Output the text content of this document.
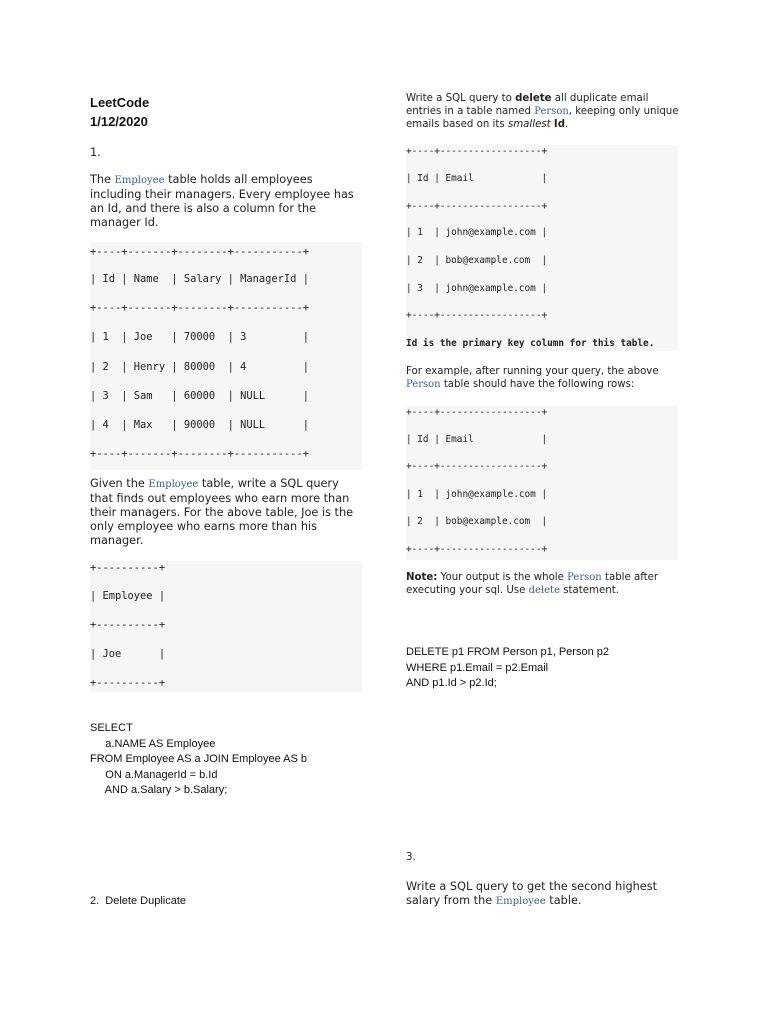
LeetCode
1/12/2020
1.
The Employee table holds all employees including their managers. Every employee has an Id, and there is also a column for the manager Id.
+----+-------+--------+-----------+
| Id | Name  | Salary | ManagerId |
+----+-------+--------+-----------+
| 1  | Joe   | 70000  | 3         |
| 2  | Henry | 80000  | 4         |
| 3  | Sam   | 60000  | NULL      |
| 4  | Max   | 90000  | NULL      |
+----+-------+--------+-----------+
Given the Employee table, write a SQL query that finds out employees who earn more than their managers. For the above table, Joe is the only employee who earns more than his manager.
+----------+
| Employee |
+----------+
| Joe      |
+----------+
SELECT
a.NAME AS Employee
FROM Employee AS a JOIN Employee AS b
ON a.ManagerId = b.Id
AND a.Salary > b.Salary;
2.  Delete Duplicate
Write a SQL query to delete all duplicate email entries in a table named Person, keeping only unique emails based on its smallest Id.
+----+------------------+
| Id | Email            |
+----+------------------+
| 1  | john@example.com |
| 2  | bob@example.com  |
| 3  | john@example.com |
+----+------------------+
Id is the primary key column for this table.
For example, after running your query, the above Person table should have the following rows:
+----+------------------+
| Id | Email            |
+----+------------------+
| 1  | john@example.com |
| 2  | bob@example.com  |
+----+------------------+
Note: Your output is the whole Person table after executing your sql. Use delete statement.
DELETE p1 FROM Person p1, Person p2
WHERE p1.Email = p2.Email
AND p1.Id > p2.Id;
3.
Write a SQL query to get the second highest salary from the Employee table.
